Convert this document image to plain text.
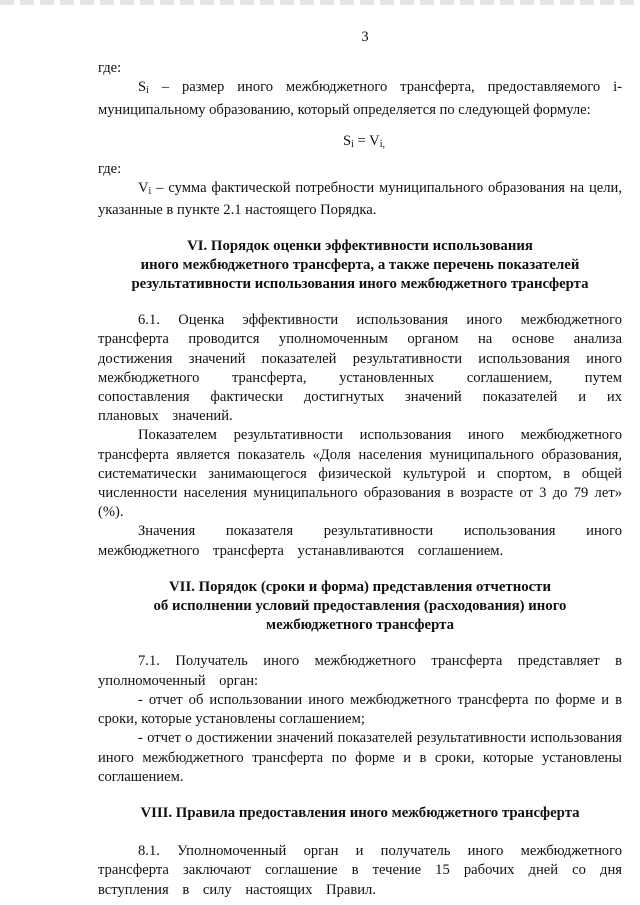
3

где:

$S_i$ – размер иного межбюджетного трансферта, предоставляемого i-муниципальному образованию, который определяется по следующей формуле:

$S_i = V_{i,}$

где:

$V_i$ – сумма фактической потребности муниципального образования на цели, указанные в пункте 2.1 настоящего Порядка.

VI. Порядок оценки эффективности использования
иного межбюджетного трансферта, а также перечень показателей
результативности использования иного межбюджетного трансферта

6.1. Оценка эффективности использования иного межбюджетного трансферта проводится уполномоченным органом на основе анализа достижения значений показателей результативности использования иного межбюджетного трансферта, установленных соглашением, путем сопоставления фактически достигнутых значений показателей и их плановых значений.

Показателем результативности использования иного межбюджетного трансферта является показатель «Доля населения муниципального образования, систематически занимающегося физической культурой и спортом, в общей численности населения муниципального образования в возрасте от 3 до 79 лет» (%).

Значения показателя результативности использования иного межбюджетного трансферта устанавливаются соглашением.

VII. Порядок (сроки и форма) представления отчетности
об исполнении условий предоставления (расходования) иного
межбюджетного трансферта

7.1. Получатель иного межбюджетного трансферта представляет в уполномоченный орган:

- отчет об использовании иного межбюджетного трансферта по форме и в сроки, которые установлены соглашением;

- отчет о достижении значений показателей результативности использования иного межбюджетного трансферта по форме и в сроки, которые установлены соглашением.

VIII. Правила предоставления иного межбюджетного трансферта

8.1. Уполномоченный орган и получатель иного межбюджетного трансферта заключают соглашение в течение 15 рабочих дней со дня вступления в силу настоящих Правил.
